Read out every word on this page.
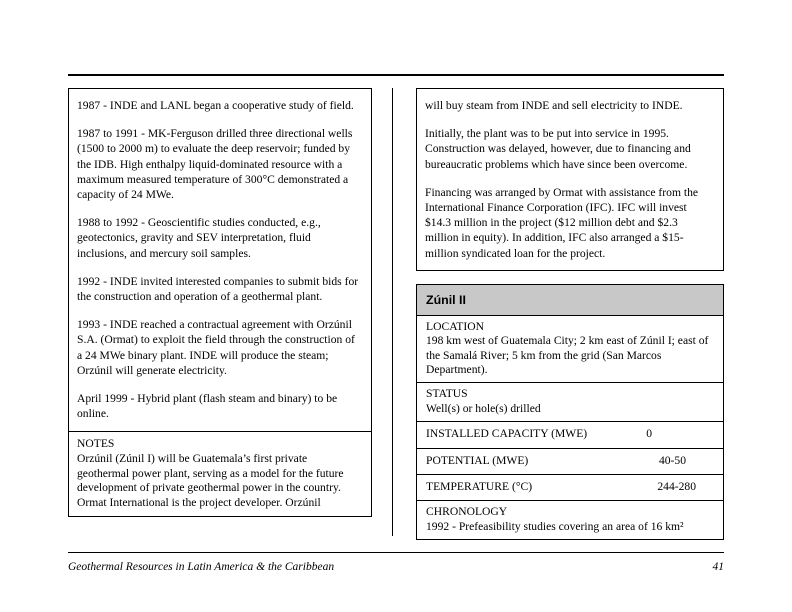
1987 - INDE and LANL began a cooperative study of field.

1987 to 1991 - MK-Ferguson drilled three directional wells (1500 to 2000 m) to evaluate the deep reservoir; funded by the IDB. High enthalpy liquid-dominated resource with a maximum measured temperature of 300°C demonstrated a capacity of 24 MWe.

1988 to 1992 - Geoscientific studies conducted, e.g., geotectonics, gravity and SEV interpretation, fluid inclusions, and mercury soil samples.

1992 - INDE invited interested companies to submit bids for the construction and operation of a geothermal plant.

1993 - INDE reached a contractual agreement with Orzúnil S.A. (Ormat) to exploit the field through the construction of a 24 MWe binary plant. INDE will produce the steam; Orzúnil will generate electricity.

April 1999 - Hybrid plant (flash steam and binary) to be online.

NOTES

Orzúnil (Zúnil I) will be Guatemala’s first private geothermal power plant, serving as a model for the future development of private geothermal power in the country. Ormat International is the project developer. Orzúnil

will buy steam from INDE and sell electricity to INDE.

Initially, the plant was to be put into service in 1995. Construction was delayed, however, due to financing and bureaucratic problems which have since been overcome.

Financing was arranged by Ormat with assistance from the International Finance Corporation (IFC). IFC will invest $14.3 million in the project ($12 million debt and $2.3 million in equity). In addition, IFC also arranged a $15-million syndicated loan for the project.

Zúnil II
LOCATION
198 km west of Guatemala City; 2 km east of Zúnil I; east of the Samalá River; 5 km from the grid (San Marcos Department).
STATUS
Well(s) or hole(s) drilled
INSTALLED CAPACITY (MWE)	0
POTENTIAL (MWE)	40-50
TEMPERATURE (°C)	244-280
CHRONOLOGY
1992 - Prefeasibility studies covering an area of 16 km²
Geothermal Resources in Latin America & the Caribbean	41
